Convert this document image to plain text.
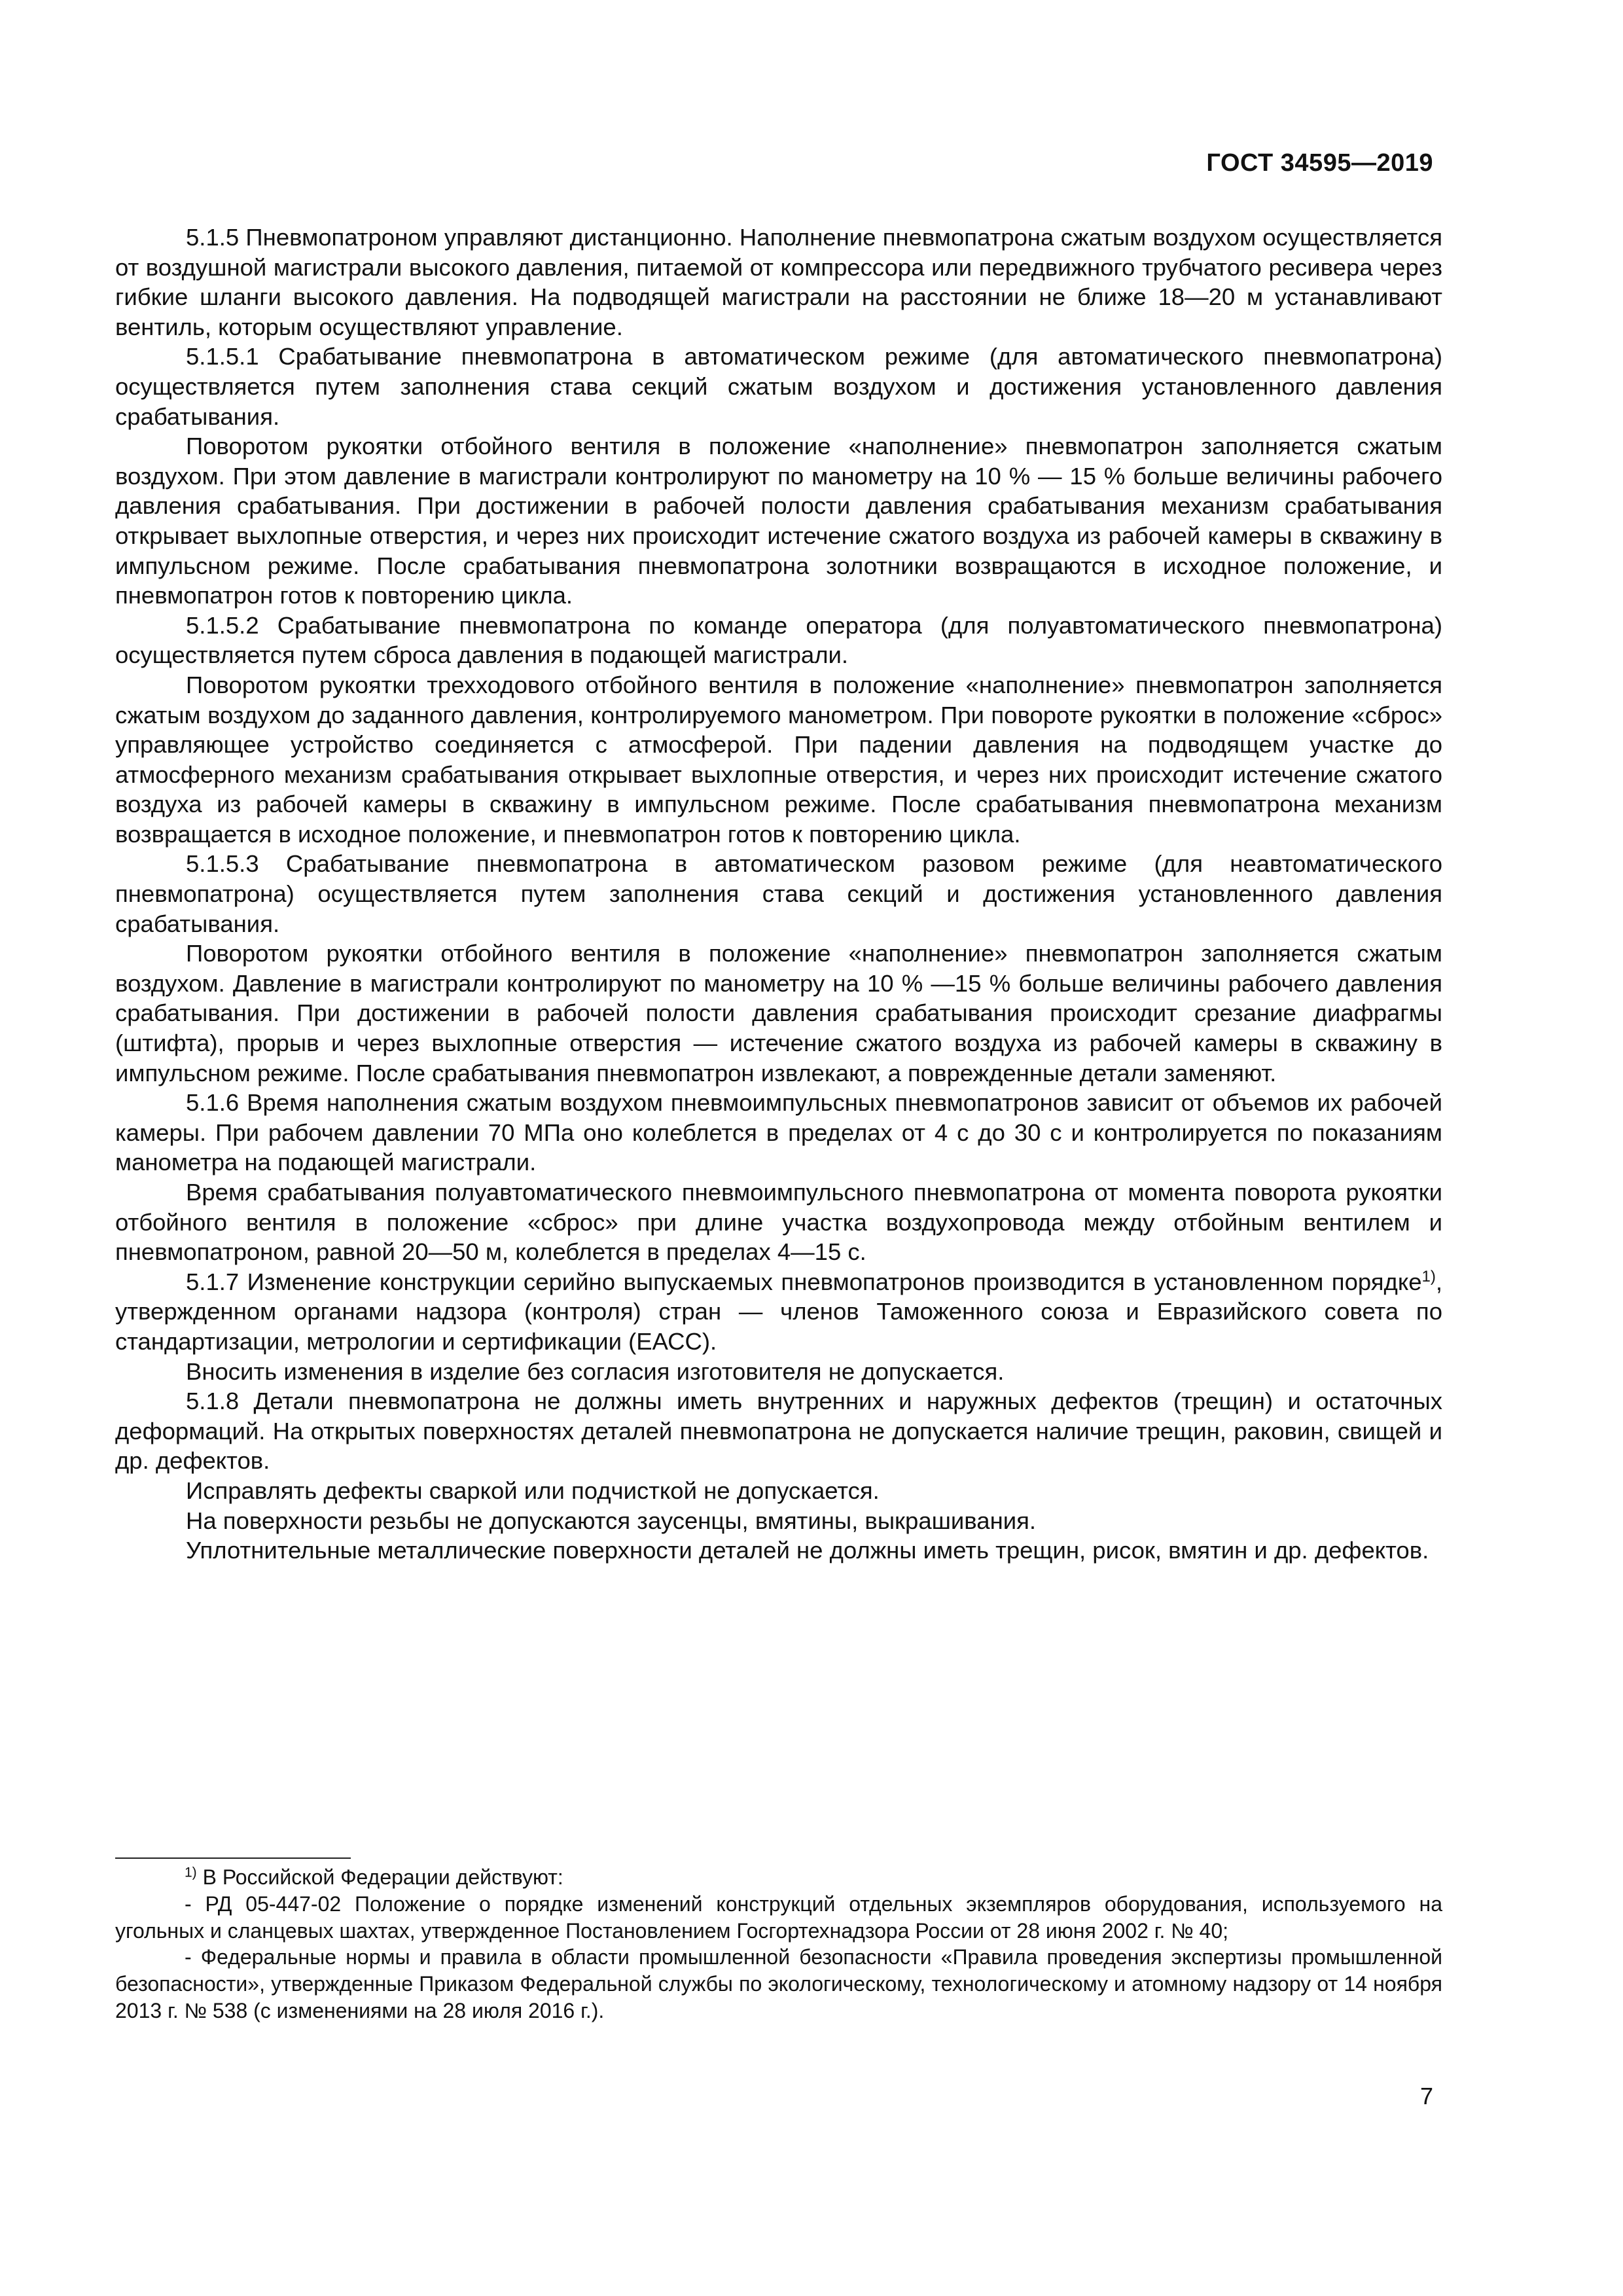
ГОСТ 34595—2019

5.1.5 Пневмопатроном управляют дистанционно. Наполнение пневмопатрона сжатым воздухом осуществляется от воздушной магистрали высокого давления, питаемой от компрессора или передвижного трубчатого ресивера через гибкие шланги высокого давления. На подводящей магистрали на расстоянии не ближе 18—20 м устанавливают вентиль, которым осуществляют управление.

5.1.5.1 Срабатывание пневмопатрона в автоматическом режиме (для автоматического пневмопатрона) осуществляется путем заполнения става секций сжатым воздухом и достижения установленного давления срабатывания.

Поворотом рукоятки отбойного вентиля в положение «наполнение» пневмопатрон заполняется сжатым воздухом. При этом давление в магистрали контролируют по манометру на 10 % — 15 % больше величины рабочего давления срабатывания. При достижении в рабочей полости давления срабатывания механизм срабатывания открывает выхлопные отверстия, и через них происходит истечение сжатого воздуха из рабочей камеры в скважину в импульсном режиме. После срабатывания пневмопатрона золотники возвращаются в исходное положение, и пневмопатрон готов к повторению цикла.

5.1.5.2 Срабатывание пневмопатрона по команде оператора (для полуавтоматического пневмопатрона) осуществляется путем сброса давления в подающей магистрали.

Поворотом рукоятки трехходового отбойного вентиля в положение «наполнение» пневмопатрон заполняется сжатым воздухом до заданного давления, контролируемого манометром. При повороте рукоятки в положение «сброс» управляющее устройство соединяется с атмосферой. При падении давления на подводящем участке до атмосферного механизм срабатывания открывает выхлопные отверстия, и через них происходит истечение сжатого воздуха из рабочей камеры в скважину в импульсном режиме. После срабатывания пневмопатрона механизм возвращается в исходное положение, и пневмопатрон готов к повторению цикла.

5.1.5.3 Срабатывание пневмопатрона в автоматическом разовом режиме (для неавтоматического пневмопатрона) осуществляется путем заполнения става секций и достижения установленного давления срабатывания.

Поворотом рукоятки отбойного вентиля в положение «наполнение» пневмопатрон заполняется сжатым воздухом. Давление в магистрали контролируют по манометру на 10 % —15 % больше величины рабочего давления срабатывания. При достижении в рабочей полости давления срабатывания происходит срезание диафрагмы (штифта), прорыв и через выхлопные отверстия — истечение сжатого воздуха из рабочей камеры в скважину в импульсном режиме. После срабатывания пневмопатрон извлекают, а поврежденные детали заменяют.

5.1.6 Время наполнения сжатым воздухом пневмоимпульсных пневмопатронов зависит от объемов их рабочей камеры. При рабочем давлении 70 МПа оно колеблется в пределах от 4 с до 30 с и контролируется по показаниям манометра на подающей магистрали.

Время срабатывания полуавтоматического пневмоимпульсного пневмопатрона от момента поворота рукоятки отбойного вентиля в положение «сброс» при длине участка воздухопровода между отбойным вентилем и пневмопатроном, равной 20—50 м, колеблется в пределах 4—15 с.

5.1.7 Изменение конструкции серийно выпускаемых пневмопатронов производится в установленном порядке$^{1)}$, утвержденном органами надзора (контроля) стран — членов Таможенного союза и Евразийского совета по стандартизации, метрологии и сертификации (ЕАСС).

Вносить изменения в изделие без согласия изготовителя не допускается.

5.1.8 Детали пневмопатрона не должны иметь внутренних и наружных дефектов (трещин) и остаточных деформаций. На открытых поверхностях деталей пневмопатрона не допускается наличие трещин, раковин, свищей и др. дефектов.

Исправлять дефекты сваркой или подчисткой не допускается.

На поверхности резьбы не допускаются заусенцы, вмятины, выкрашивания.

Уплотнительные металлические поверхности деталей не должны иметь трещин, рисок, вмятин и др. дефектов.

$^{1)}$ В Российской Федерации действуют:

- РД 05-447-02 Положение о порядке изменений конструкций отдельных экземпляров оборудования, используемого на угольных и сланцевых шахтах, утвержденное Постановлением Госгортехнадзора России от 28 июня 2002 г. № 40;

- Федеральные нормы и правила в области промышленной безопасности «Правила проведения экспертизы промышленной безопасности», утвержденные Приказом Федеральной службы по экологическому, технологическому и атомному надзору от 14 ноября 2013 г. № 538 (с изменениями на 28 июля 2016 г.).

7
